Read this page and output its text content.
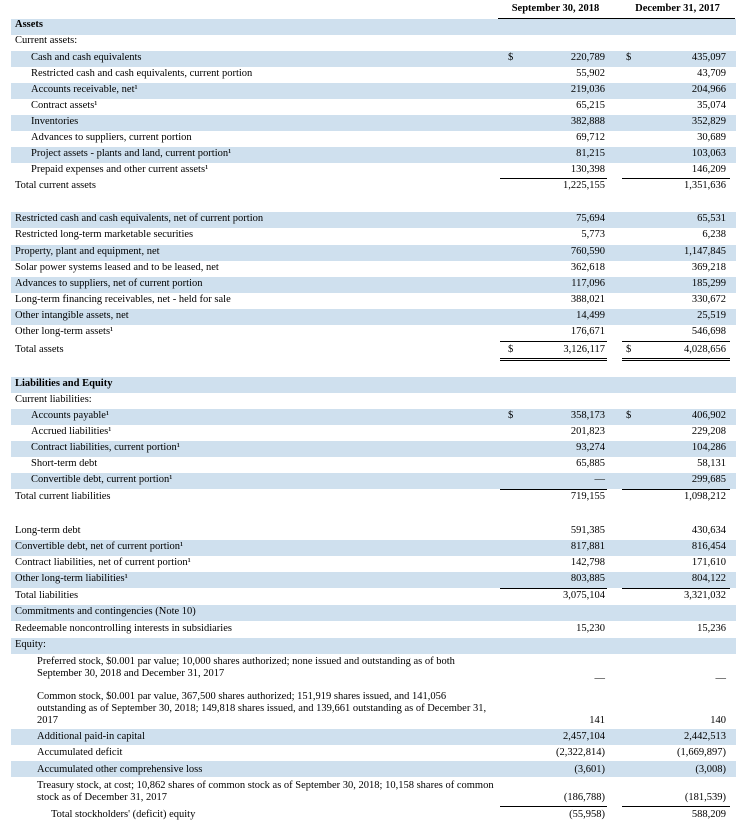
September 30, 2018	December 31, 2017
Assets
Current assets:
Cash and cash equivalents	$	220,789 $	435,097
Restricted cash and cash equivalents, current portion	55,902	43,709
Accounts receivable, net¹	219,036	204,966
Contract assets¹	65,215	35,074
Inventories	382,888	352,829
Advances to suppliers, current portion	69,712	30,689
Project assets - plants and land, current portion¹	81,215	103,063
Prepaid expenses and other current assets¹	130,398	146,209
Total current assets	1,225,155	1,351,636
Restricted cash and cash equivalents, net of current portion	75,694	65,531
Restricted long-term marketable securities	5,773	6,238
Property, plant and equipment, net	760,590	1,147,845
Solar power systems leased and to be leased, net	362,618	369,218
Advances to suppliers, net of current portion	117,096	185,299
Long-term financing receivables, net - held for sale	388,021	330,672
Other intangible assets, net	14,499	25,519
Other long-term assets¹	176,671	546,698
Total assets	$	3,126,117 $	4,028,656
Liabilities and Equity
Current liabilities:
Accounts payable¹	$	358,173 $	406,902
Accrued liabilities¹	201,823	229,208
Contract liabilities, current portion¹	93,274	104,286
Short-term debt	65,885	58,131
Convertible debt, current portion¹	—	299,685
Total current liabilities	719,155	1,098,212
Long-term debt	591,385	430,634
Convertible debt, net of current portion¹	817,881	816,454
Contract liabilities, net of current portion¹	142,798	171,610
Other long-term liabilities¹	803,885	804,122
Total liabilities	3,075,104	3,321,032
Commitments and contingencies (Note 10)
Redeemable noncontrolling interests in subsidiaries	15,230	15,236
Equity:
Preferred stock, $0.001 par value; 10,000 shares authorized; none issued and outstanding as of both September 30, 2018 and December 31, 2017	—	—
Common stock, $0.001 par value, 367,500 shares authorized; 151,919 shares issued, and 141,056 outstanding as of September 30, 2018; 149,818 shares issued, and 139,661 outstanding as of December 31, 2017	141	140
Additional paid-in capital	2,457,104	2,442,513
Accumulated deficit	(2,322,814)	(1,669,897)
Accumulated other comprehensive loss	(3,601)	(3,008)
Treasury stock, at cost; 10,862 shares of common stock as of September 30, 2018; 10,158 shares of common stock as of December 31, 2017	(186,788)	(181,539)
Total stockholders' (deficit) equity	(55,958)	588,209
